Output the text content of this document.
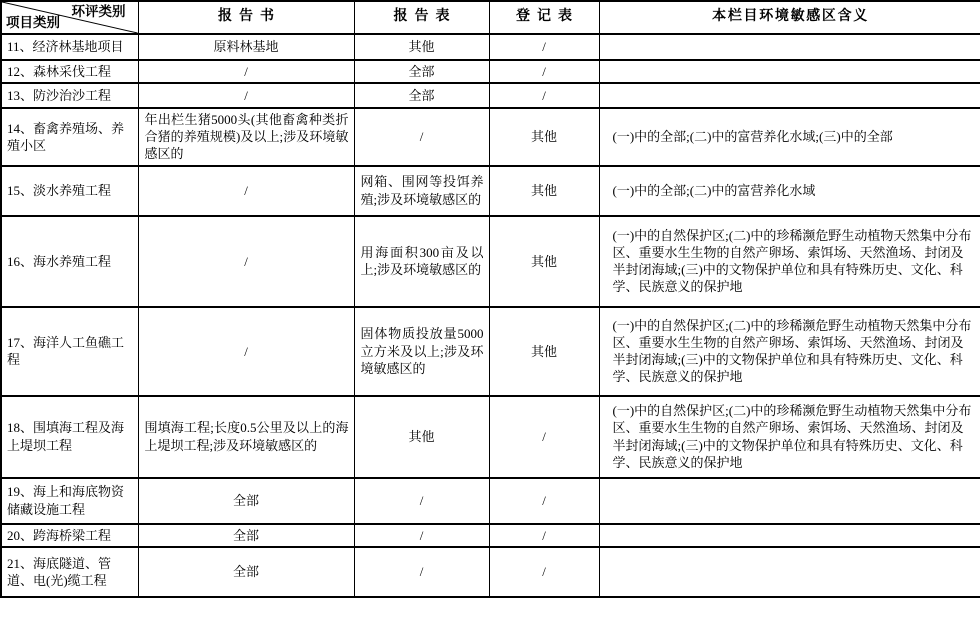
环评类别
项目类别	报告书	报告表	登记表	本栏目环境敏感区含义
11、经济林基地项目	原料林基地	其他	/	
12、森林采伐工程	/	全部	/	
13、防沙治沙工程	/	全部	/	
14、畜禽养殖场、养殖小区	年出栏生猪5000头(其他畜禽种类折合猪的养殖规模)及以上;涉及环境敏感区的	/	其他	(一)中的全部;(二)中的富营养化水域;(三)中的全部
15、淡水养殖工程	/	网箱、围网等投饵养殖;涉及环境敏感区的	其他	(一)中的全部;(二)中的富营养化水域
16、海水养殖工程	/	用海面积300亩及以上;涉及环境敏感区的	其他	(一)中的自然保护区;(二)中的珍稀濒危野生动植物天然集中分布区、重要水生生物的自然产卵场、索饵场、天然渔场、封闭及半封闭海域;(三)中的文物保护单位和具有特殊历史、文化、科学、民族意义的保护地
17、海洋人工鱼礁工程	/	固体物质投放量5000立方米及以上;涉及环境敏感区的	其他	(一)中的自然保护区;(二)中的珍稀濒危野生动植物天然集中分布区、重要水生生物的自然产卵场、索饵场、天然渔场、封闭及半封闭海域;(三)中的文物保护单位和具有特殊历史、文化、科学、民族意义的保护地
18、围填海工程及海上堤坝工程	围填海工程;长度0.5公里及以上的海上堤坝工程;涉及环境敏感区的	其他	/	(一)中的自然保护区;(二)中的珍稀濒危野生动植物天然集中分布区、重要水生生物的自然产卵场、索饵场、天然渔场、封闭及半封闭海域;(三)中的文物保护单位和具有特殊历史、文化、科学、民族意义的保护地
19、海上和海底物资储藏设施工程	全部	/	/	
20、跨海桥梁工程	全部	/	/	
21、海底隧道、管道、电(光)缆工程	全部	/	/	
